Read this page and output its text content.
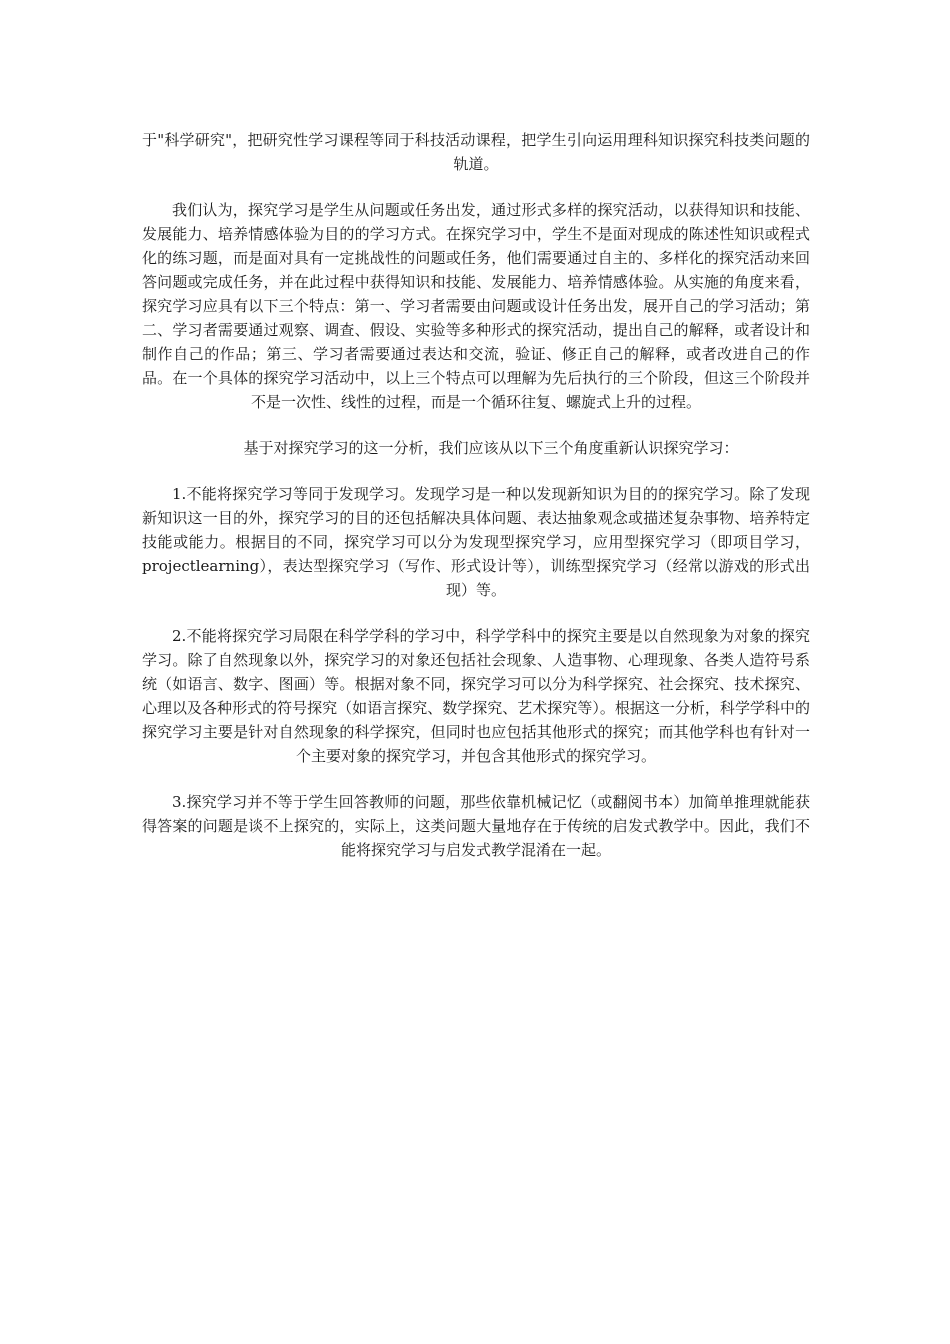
于"科学研究"，把研究性学习课程等同于科技活动课程，把学生引向运用理科知识探究科技类问题的轨道。

我们认为，探究学习是学生从问题或任务出发，通过形式多样的探究活动，以获得知识和技能、发展能力、培养情感体验为目的的学习方式。在探究学习中，学生不是面对现成的陈述性知识或程式化的练习题，而是面对具有一定挑战性的问题或任务，他们需要通过自主的、多样化的探究活动来回答问题或完成任务，并在此过程中获得知识和技能、发展能力、培养情感体验。从实施的角度来看，探究学习应具有以下三个特点：第一、学习者需要由问题或设计任务出发，展开自己的学习活动；第二、学习者需要通过观察、调查、假设、实验等多种形式的探究活动，提出自己的解释，或者设计和制作自己的作品；第三、学习者需要通过表达和交流，验证、修正自己的解释，或者改进自己的作品。在一个具体的探究学习活动中，以上三个特点可以理解为先后执行的三个阶段，但这三个阶段并不是一次性、线性的过程，而是一个循环往复、螺旋式上升的过程。

基于对探究学习的这一分析，我们应该从以下三个角度重新认识探究学习：

1.不能将探究学习等同于发现学习。发现学习是一种以发现新知识为目的的探究学习。除了发现新知识这一目的外，探究学习的目的还包括解决具体问题、表达抽象观念或描述复杂事物、培养特定技能或能力。根据目的不同，探究学习可以分为发现型探究学习，应用型探究学习（即项目学习，projectlearning），表达型探究学习（写作、形式设计等），训练型探究学习（经常以游戏的形式出现）等。

2.不能将探究学习局限在科学学科的学习中，科学学科中的探究主要是以自然现象为对象的探究学习。除了自然现象以外，探究学习的对象还包括社会现象、人造事物、心理现象、各类人造符号系统（如语言、数字、图画）等。根据对象不同，探究学习可以分为科学探究、社会探究、技术探究、心理以及各种形式的符号探究（如语言探究、数学探究、艺术探究等）。根据这一分析，科学学科中的探究学习主要是针对自然现象的科学探究，但同时也应包括其他形式的探究；而其他学科也有针对一个主要对象的探究学习，并包含其他形式的探究学习。

3.探究学习并不等于学生回答教师的问题，那些依靠机械记忆（或翻阅书本）加简单推理就能获得答案的问题是谈不上探究的，实际上，这类问题大量地存在于传统的启发式教学中。因此，我们不能将探究学习与启发式教学混淆在一起。
